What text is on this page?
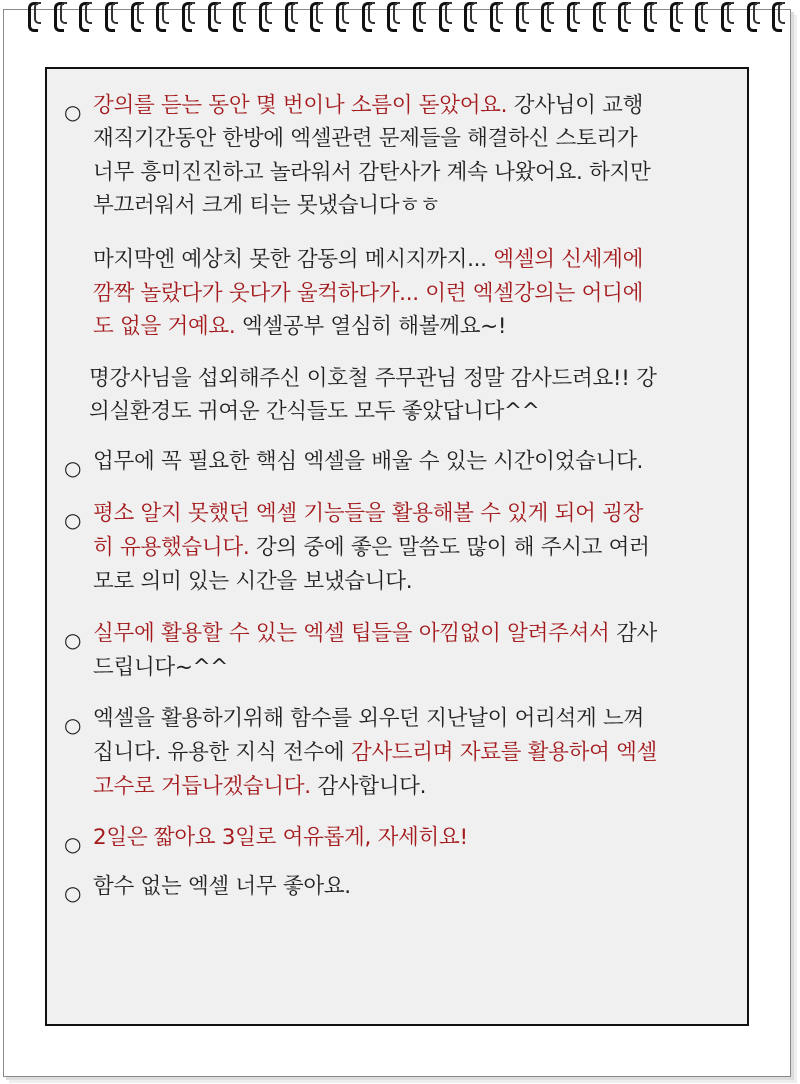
○ 강의를 듣는 동안 몇 번이나 소름이 돋았어요. 강사님이 교행
재직기간동안 한방에 엑셀관련 문제들을 해결하신 스토리가
너무 흥미진진하고 놀라워서 감탄사가 계속 나왔어요. 하지만
부끄러워서 크게 티는 못냈습니다ㅎㅎ
마지막엔 예상치 못한 감동의 메시지까지... 엑셀의 신세계에
깜짝 놀랐다가 웃다가 울컥하다가... 이런 엑셀강의는 어디에
도 없을 거예요. 엑셀공부 열심히 해볼께요~!
명강사님을 섭외해주신 이호철 주무관님 정말 감사드려요!! 강
의실환경도 귀여운 간식들도 모두 좋았답니다^^
○ 업무에 꼭 필요한 핵심 엑셀을 배울 수 있는 시간이었습니다.
○ 평소 알지 못했던 엑셀 기능들을 활용해볼 수 있게 되어 굉장
히 유용했습니다. 강의 중에 좋은 말씀도 많이 해 주시고 여러
모로 의미 있는 시간을 보냈습니다.
○ 실무에 활용할 수 있는 엑셀 팁들을 아낌없이 알려주셔서 감사
드립니다~^^
○ 엑셀을 활용하기위해 함수를 외우던 지난날이 어리석게 느껴
집니다. 유용한 지식 전수에 감사드리며 자료를 활용하여 엑셀
고수로 거듭나겠습니다. 감사합니다.
○ 2일은 짧아요 3일로 여유롭게, 자세히요!
○ 함수 없는 엑셀 너무 좋아요.
